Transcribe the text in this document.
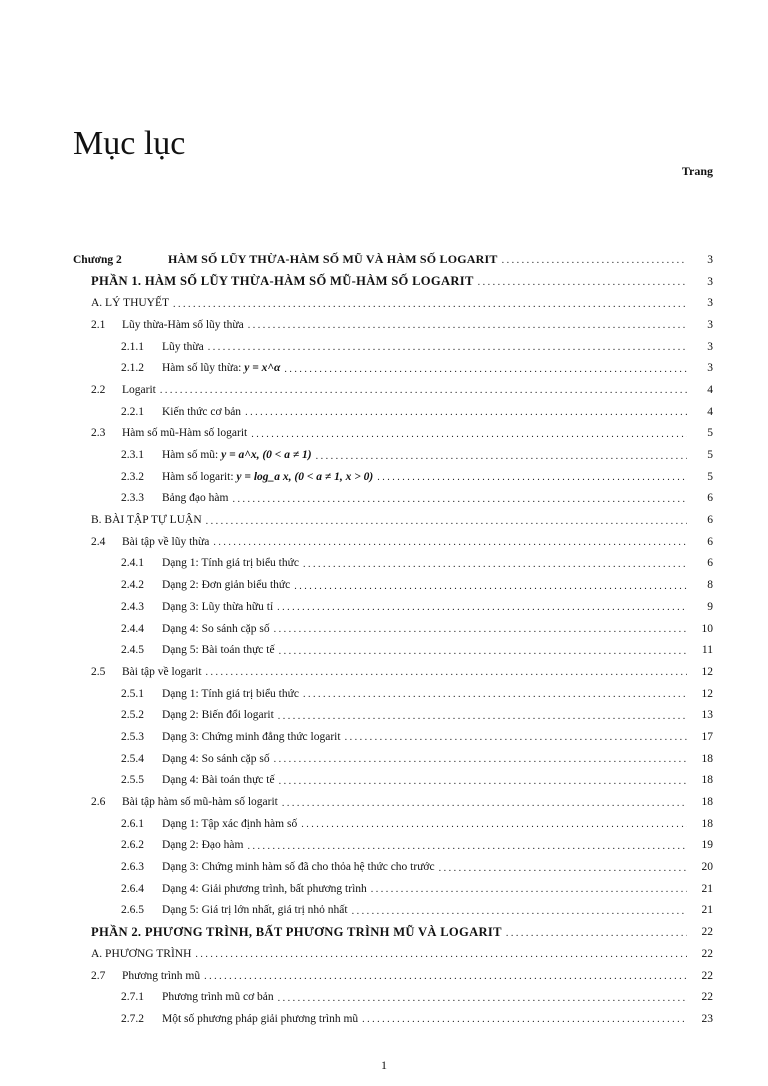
Mục lục
Trang
Chương 2	HÀM SỐ LŨY THỪA-HÀM SỐ MŨ VÀ HÀM SỐ LOGARIT . . .	3
PHẦN 1. HÀM SỐ LŨY THỪA-HÀM SỐ MŨ-HÀM SỐ LOGARIT . . .	3
A. LÝ THUYẾT . . .	3
2.1	Lũy thừa-Hàm số lũy thừa . . .	3
2.1.1	Lũy thừa . . .	3
2.1.2	Hàm số lũy thừa: y = x^α . . .	3
2.2	Logarit . . .	4
2.2.1	Kiến thức cơ bản . . .	4
2.3	Hàm số mũ-Hàm số logarit . . .	5
2.3.1	Hàm số mũ: y = a^x, (0 < a ≠ 1) . . .	5
2.3.2	Hàm số logarit: y = log_a x, (0 < a ≠ 1, x > 0) . . .	5
2.3.3	Bảng đạo hàm . . .	6
B. BÀI TẬP TỰ LUẬN . . .	6
2.4	Bài tập về lũy thừa . . .	6
2.4.1	Dạng 1: Tính giá trị biểu thức . . .	6
2.4.2	Dạng 2: Đơn giản biểu thức . . .	8
2.4.3	Dạng 3: Lũy thừa hữu tỉ . . .	9
2.4.4	Dạng 4: So sánh cặp số . . .	10
2.4.5	Dạng 5: Bài toán thực tế . . .	11
2.5	Bài tập về logarit . . .	12
2.5.1	Dạng 1: Tính giá trị biểu thức . . .	12
2.5.2	Dạng 2: Biến đổi logarit . . .	13
2.5.3	Dạng 3: Chứng minh đẳng thức logarit . . .	17
2.5.4	Dạng 4: So sánh cặp số . . .	18
2.5.5	Dạng 4: Bài toán thực tế . . .	18
2.6	Bài tập hàm số mũ-hàm số logarit . . .	18
2.6.1	Dạng 1: Tập xác định hàm số . . .	18
2.6.2	Dạng 2: Đạo hàm . . .	19
2.6.3	Dạng 3: Chứng minh hàm số đã cho thỏa hệ thức cho trước . . .	20
2.6.4	Dạng 4: Giải phương trình, bất phương trình . . .	21
2.6.5	Dạng 5: Giá trị lớn nhất, giá trị nhỏ nhất . . .	21
PHẦN 2. PHƯƠNG TRÌNH, BẤT PHƯƠNG TRÌNH MŨ VÀ LOGARIT . . .	22
A. PHƯƠNG TRÌNH . . .	22
2.7	Phương trình mũ . . .	22
2.7.1	Phương trình mũ cơ bản . . .	22
2.7.2	Một số phương pháp giải phương trình mũ . . .	23
1
